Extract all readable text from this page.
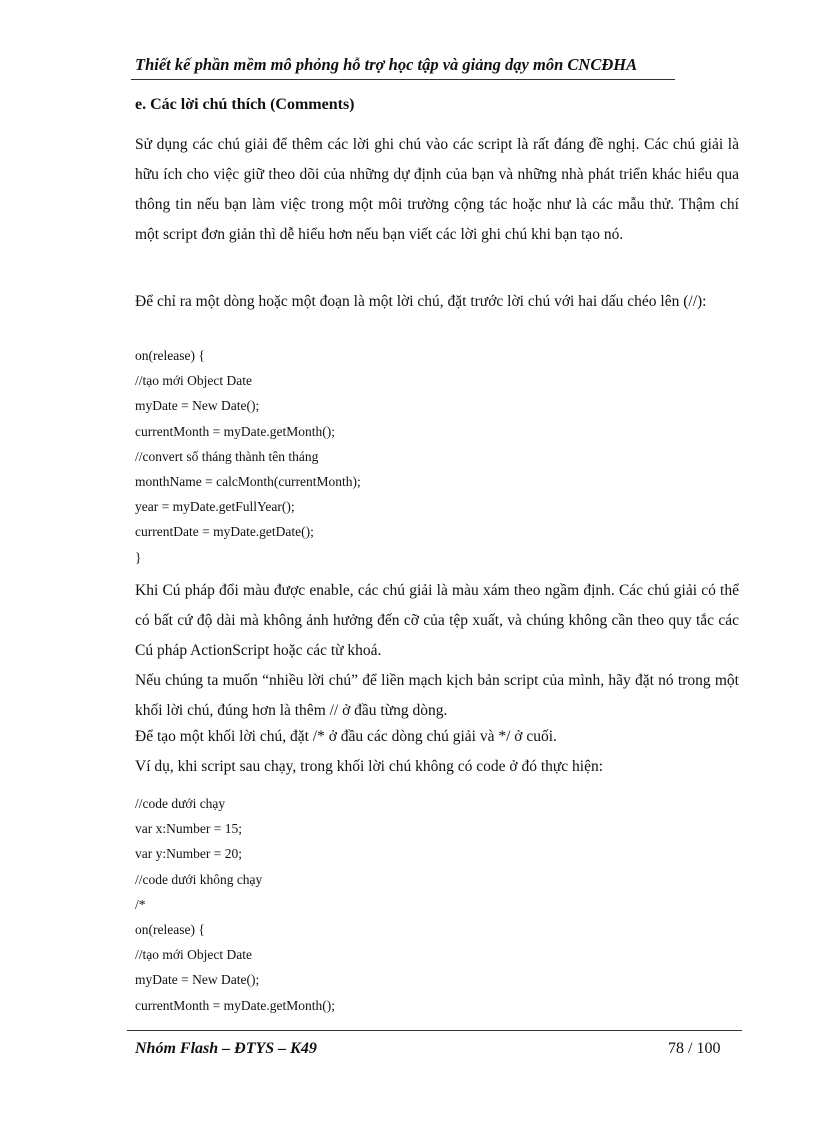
Thiết kế phần mềm mô phỏng hỗ trợ học tập và giảng dạy môn CNCĐHA
e. Các lời chú thích (Comments)

Sử dụng các chú giải để thêm các lời ghi chú vào các script là rất đáng đề nghị. Các chú giải là hữu ích cho việc giữ theo dõi của những dự định của bạn và những nhà phát triển khác hiểu qua thông tin nếu bạn làm việc trong một môi trường cộng tác hoặc như là các mẫu thử. Thậm chí một script đơn giản thì dễ hiểu hơn nếu bạn viết các lời ghi chú khi bạn tạo nó.

Để chỉ ra một dòng hoặc một đoạn là một lời chú, đặt trước lời chú với hai dấu chéo lên (//):

on(release) {
//tạo mới Object Date
myDate = New Date();
currentMonth = myDate.getMonth();
//convert số tháng thành tên tháng
monthName = calcMonth(currentMonth);
year = myDate.getFullYear();
currentDate = myDate.getDate();
}

Khi Cú pháp đổi màu được enable, các chú giải là màu xám theo ngầm định. Các chú giải có thể có bất cứ độ dài mà không ảnh hưởng đến cỡ của tệp xuất, và chúng không cần theo quy tắc các Cú pháp ActionScript hoặc các từ khoá.
Nếu chúng ta muốn “nhiều lời chú” để liền mạch kịch bản script của mình, hãy đặt nó trong một khối lời chú, đúng hơn là thêm // ở đầu từng dòng.

Để tạo một khối lời chú, đặt /* ở đầu các dòng chú giải và */ ở cuối.

Ví dụ, khi script sau chạy, trong khối lời chú không có code ở đó thực hiện:

//code dưới chạy
var x:Number = 15;
var y:Number = 20;
//code dưới không chạy
/*
on(release) {
//tạo mới Object Date
myDate = New Date();
currentMonth = myDate.getMonth();
Nhóm Flash – ĐTYS – K49	78 / 100
